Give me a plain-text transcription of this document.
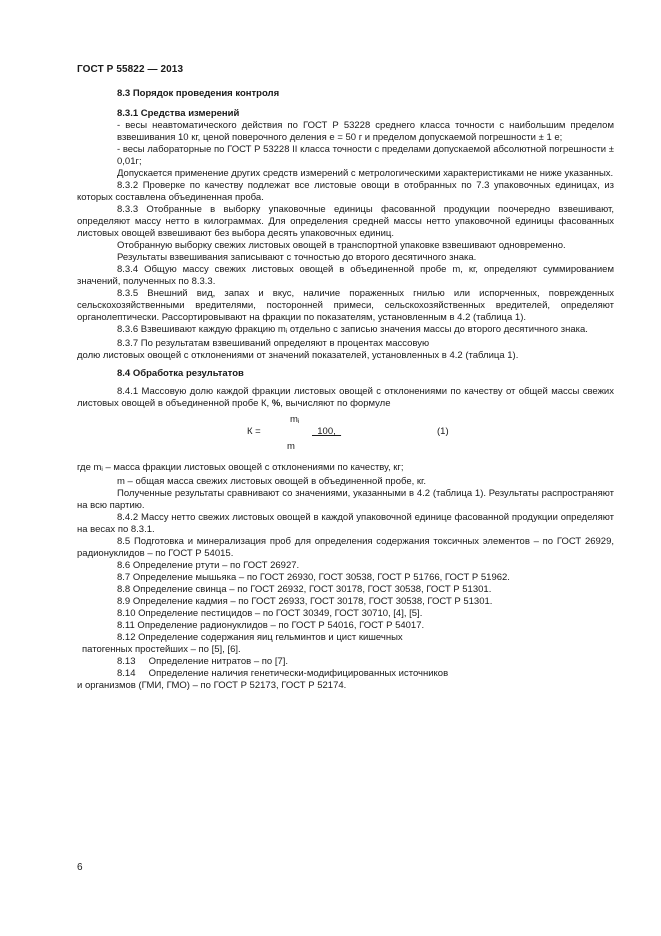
ГОСТ Р 55822 — 2013
8.3 Порядок проведения контроля
8.3.1 Средства измерений

- весы неавтоматического действия по ГОСТ Р 53228 среднего класса точности с наибольшим пределом взвешивания 10 кг, ценой поверочного деления е = 50 г и пределом допускаемой погрешности ± 1 е;

- весы лабораторные по ГОСТ Р 53228 II класса точности с пределами допускаемой абсолютной погрешности ± 0,01г;

Допускается применение других средств измерений с метрологическими характеристиками не ниже указанных.

8.3.2 Проверке по качеству подлежат все листовые овощи в отобранных по 7.3 упаковочных единицах, из которых составлена объединенная проба.

8.3.3 Отобранные в выборку упаковочные единицы фасованной продукции поочередно взвешивают, определяют массу нетто в килограммах. Для определения средней массы нетто упаковочной единицы фасованных листовых овощей взвешивают без выбора десять упаковочных единиц.

Отобранную выборку свежих листовых овощей в транспортной упаковке взвешивают одновременно.

Результаты взвешивания записывают с точностью до второго десятичного знака.

8.3.4 Общую массу свежих листовых овощей в объединенной пробе m, кг, определяют суммированием значений, полученных по 8.3.3.

8.3.5 Внешний вид, запах и вкус, наличие пораженных гнилью или испорченных, поврежденных сельскохозяйственными вредителями, посторонней примеси, сельскохозяйственных вредителей, определяют органолептически. Рассортировывают на фракции по показателям, установленным в 4.2 (таблица 1).

8.3.6 Взвешивают каждую фракцию mi отдельно с записью значения массы до второго десятичного знака.

8.3.7 По результатам взвешиваний определяют в процентах массовую

долю листовых овощей с отклонениями от значений показателей, установленных в 4.2 (таблица 1).

8.4 Обработка результатов

8.4.1 Массовую долю каждой фракции листовых овощей с отклонениями по качеству от общей массы свежих листовых овощей в объединенной пробе К, %, вычисляют по формуле

mi
К =	100,	(1)
m

где mi – масса фракции листовых овощей с отклонениями по качеству, кг;

m – общая масса свежих листовых овощей в объединенной пробе, кг.

Полученные результаты сравнивают со значениями, указанными в 4.2 (таблица 1). Результаты распространяют на всю партию.

8.4.2 Массу нетто свежих листовых овощей в каждой упаковочной единице фасованной продукции определяют на весах по 8.3.1.

8.5 Подготовка и минерализация проб для определения содержания токсичных элементов – по ГОСТ 26929, радионуклидов – по ГОСТ Р 54015.

8.6 Определение ртути – по ГОСТ 26927.

8.7 Определение мышьяка – по ГОСТ 26930, ГОСТ 30538, ГОСТ Р 51766, ГОСТ Р 51962.

8.8 Определение свинца – по ГОСТ 26932, ГОСТ 30178, ГОСТ 30538, ГОСТ Р 51301.

8.9 Определение кадмия – по ГОСТ 26933, ГОСТ 30178, ГОСТ 30538, ГОСТ Р 51301.

8.10 Определение пестицидов – по ГОСТ 30349, ГОСТ 30710, [4], [5].

8.11 Определение радионуклидов – по ГОСТ Р 54016, ГОСТ Р 54017.

8.12 Определение содержания яиц гельминтов и цист кишечных

патогенных простейших – по [5], [6].

8.13     Определение нитратов – по [7].

8.14     Определение наличия генетически-модифицированных источников

и организмов (ГМИ, ГМО) – по ГОСТ Р 52173, ГОСТ Р 52174.

6
